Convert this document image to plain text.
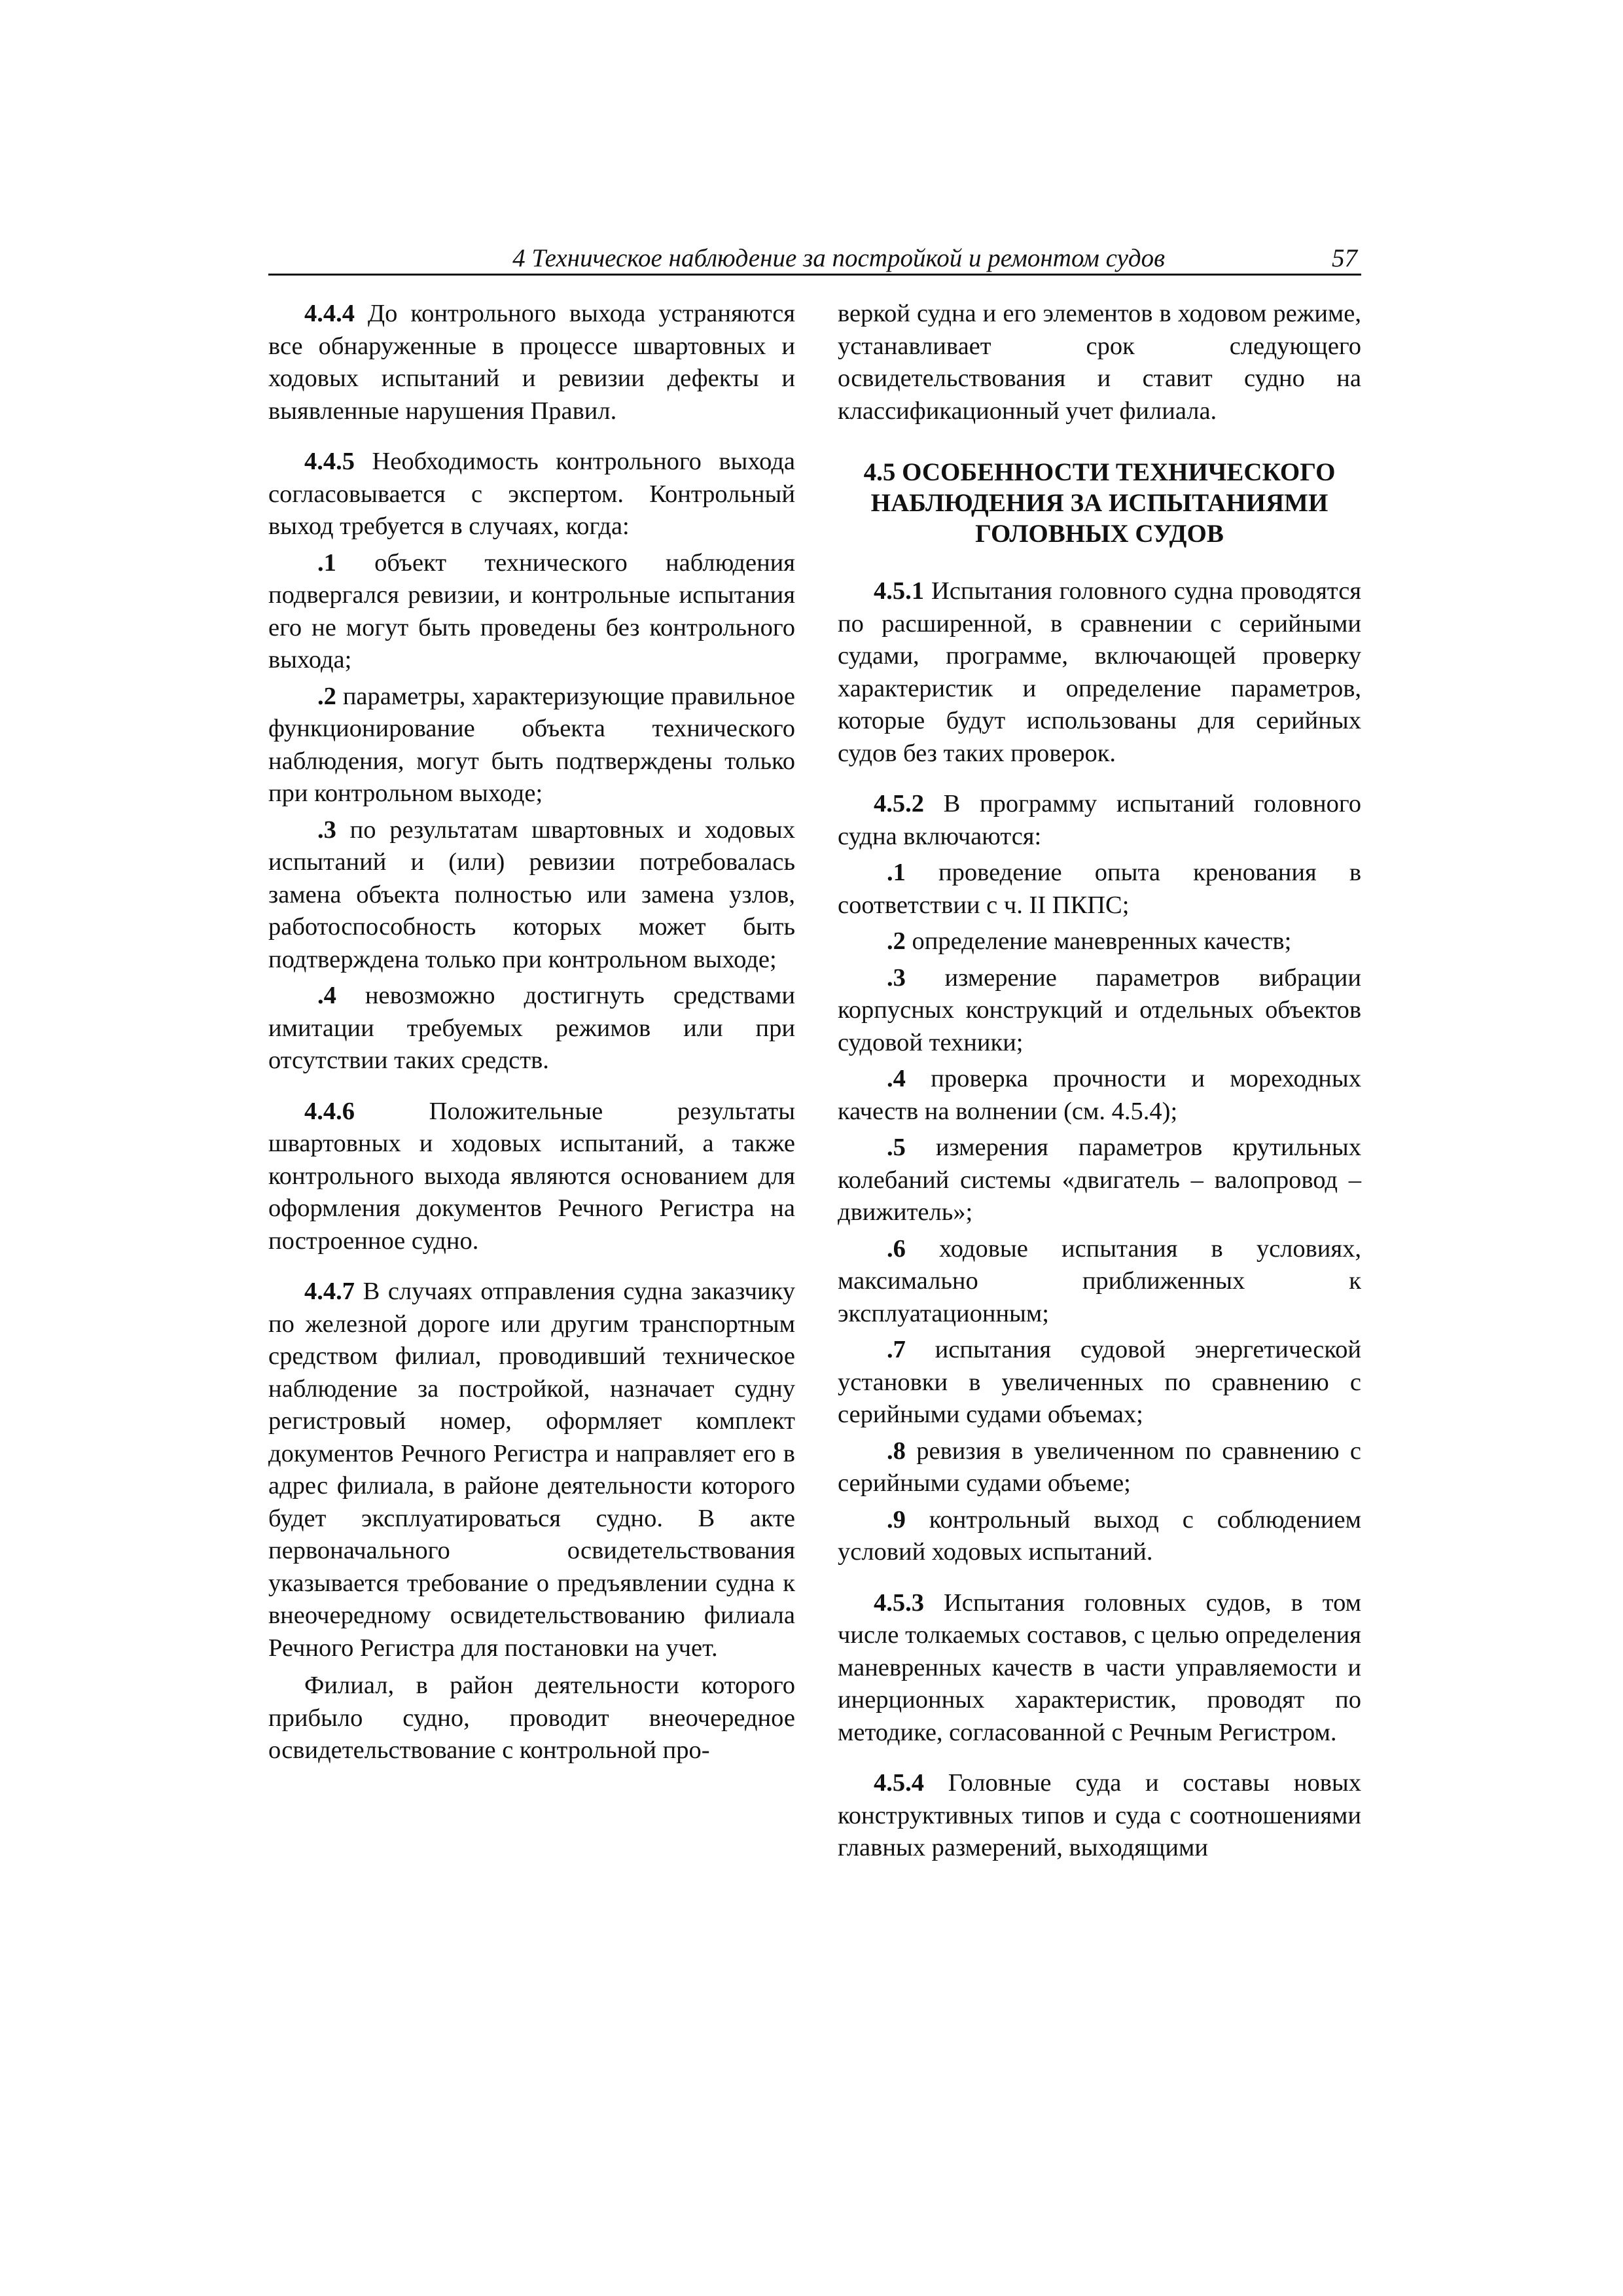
4 Техническое наблюдение за постройкой и ремонтом судов	57

4.4.4 До контрольного выхода устраняются все обнаруженные в процессе швартовных и ходовых испытаний и ревизии дефекты и выявленные нарушения Правил.

4.4.5 Необходимость контрольного выхода согласовывается с экспертом. Контрольный выход требуется в случаях, когда:

.1 объект технического наблюдения подвергался ревизии, и контрольные испытания его не могут быть проведены без контрольного выхода;

.2 параметры, характеризующие правильное функционирование объекта технического наблюдения, могут быть подтверждены только при контрольном выходе;

.3 по результатам швартовных и ходовых испытаний и (или) ревизии потребовалась замена объекта полностью или замена узлов, работоспособность которых может быть подтверждена только при контрольном выходе;

.4 невозможно достигнуть средствами имитации требуемых режимов или при отсутствии таких средств.

4.4.6 Положительные результаты швартовных и ходовых испытаний, а также контрольного выхода являются основанием для оформления документов Речного Регистра на построенное судно.

4.4.7 В случаях отправления судна заказчику по железной дороге или другим транспортным средством филиал, проводивший техническое наблюдение за постройкой, назначает судну регистровый номер, оформляет комплект документов Речного Регистра и направляет его в адрес филиала, в районе деятельности которого будет эксплуатироваться судно. В акте первоначального освидетельствования указывается требование о предъявлении судна к внеочередному освидетельствованию филиала Речного Регистра для постановки на учет.

Филиал, в район деятельности которого прибыло судно, проводит внеочередное освидетельствование с контрольной про-

веркой судна и его элементов в ходовом режиме, устанавливает срок следующего освидетельствования и ставит судно на классификационный учет филиала.

4.5 ОСОБЕННОСТИ ТЕХНИЧЕСКОГО
НАБЛЮДЕНИЯ ЗА ИСПЫТАНИЯМИ
ГОЛОВНЫХ СУДОВ

4.5.1 Испытания головного судна проводятся по расширенной, в сравнении с серийными судами, программе, включающей проверку характеристик и определение параметров, которые будут использованы для серийных судов без таких проверок.

4.5.2 В программу испытаний головного судна включаются:

.1 проведение опыта кренования в соответствии с ч. II ПКПС;

.2 определение маневренных качеств;

.3 измерение параметров вибрации корпусных конструкций и отдельных объектов судовой техники;

.4 проверка прочности и мореходных качеств на волнении (см. 4.5.4);

.5 измерения параметров крутильных колебаний системы «двигатель – валопровод – движитель»;

.6 ходовые испытания в условиях, максимально приближенных к эксплуатационным;

.7 испытания судовой энергетической установки в увеличенных по сравнению с серийными судами объемах;

.8 ревизия в увеличенном по сравнению с серийными судами объеме;

.9 контрольный выход с соблюдением условий ходовых испытаний.

4.5.3 Испытания головных судов, в том числе толкаемых составов, с целью определения маневренных качеств в части управляемости и инерционных характеристик, проводят по методике, согласованной с Речным Регистром.

4.5.4 Головные суда и составы новых конструктивных типов и суда с соотношениями главных размерений, выходящими
